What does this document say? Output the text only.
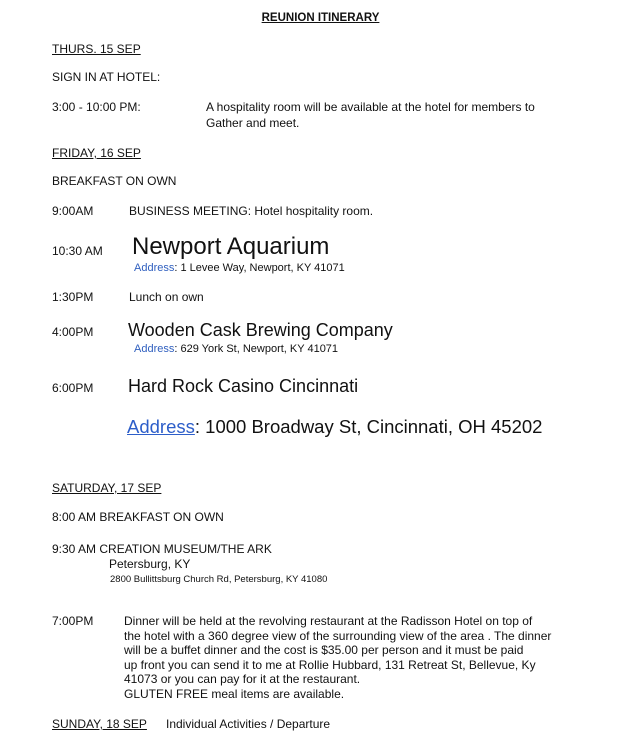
REUNION ITINERARY
THURS. 15 SEP
SIGN IN AT HOTEL:
3:00 - 10:00 PM:	A hospitality room will be available at the hotel for members to
Gather and meet.
FRIDAY, 16 SEP
BREAKFAST ON OWN
9:00AM	BUSINESS MEETING: Hotel hospitality room.
10:30 AM Newport Aquarium
Address: 1 Levee Way, Newport, KY 41071
1:30PM	Lunch on own
4:00PM Wooden Cask Brewing Company
Address: 629 York St, Newport, KY 41071
6:00PM Hard Rock Casino Cincinnati
Address: 1000 Broadway St, Cincinnati, OH 45202
SATURDAY, 17 SEP
8:00 AM BREAKFAST ON OWN
9:30 AM CREATION MUSEUM/THE ARK
Petersburg, KY
2800 Bullittsburg Church Rd, Petersburg, KY 41080
7:00PM	Dinner will be held at the revolving restaurant at the Radisson Hotel on top of
the hotel with a 360 degree view of the surrounding view of the area . The dinner
will be a buffet dinner and the cost is $35.00 per person and it must be paid
up front you can send it to me at Rollie Hubbard, 131 Retreat St, Bellevue, Ky
41073 or you can pay for it at the restaurant.
GLUTEN FREE meal items are available.
SUNDAY, 18 SEP Individual Activities / Departure
